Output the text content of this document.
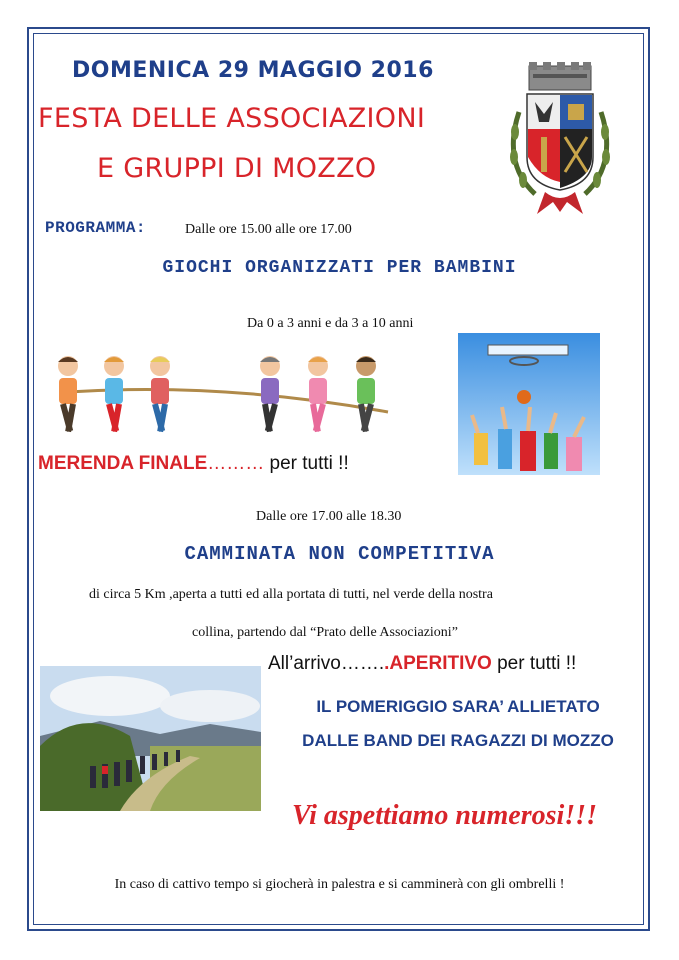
DOMENICA 29 MAGGIO 2016
FESTA DELLE ASSOCIAZIONI
E GRUPPI DI MOZZO
PROGRAMMA:	Dalle ore 15.00 alle ore 17.00
GIOCHI ORGANIZZATI PER BAMBINI
Da 0 a 3 anni e da 3 a 10 anni
MERENDA FINALE……… per tutti !!
Dalle ore 17.00 alle 18.30
CAMMINATA NON COMPETITIVA
di circa 5 Km ,aperta a tutti ed alla portata di tutti, nel verde della nostra
collina, partendo dal “Prato delle Associazioni”
All’arrivo……..APERITIVO per tutti !!
IL POMERIGGIO SARA’ ALLIETATO
DALLE BAND DEI RAGAZZI DI MOZZO
Vi aspettiamo numerosi!!!
In caso di cattivo tempo si giocherà in palestra e si camminerà con gli ombrelli !
